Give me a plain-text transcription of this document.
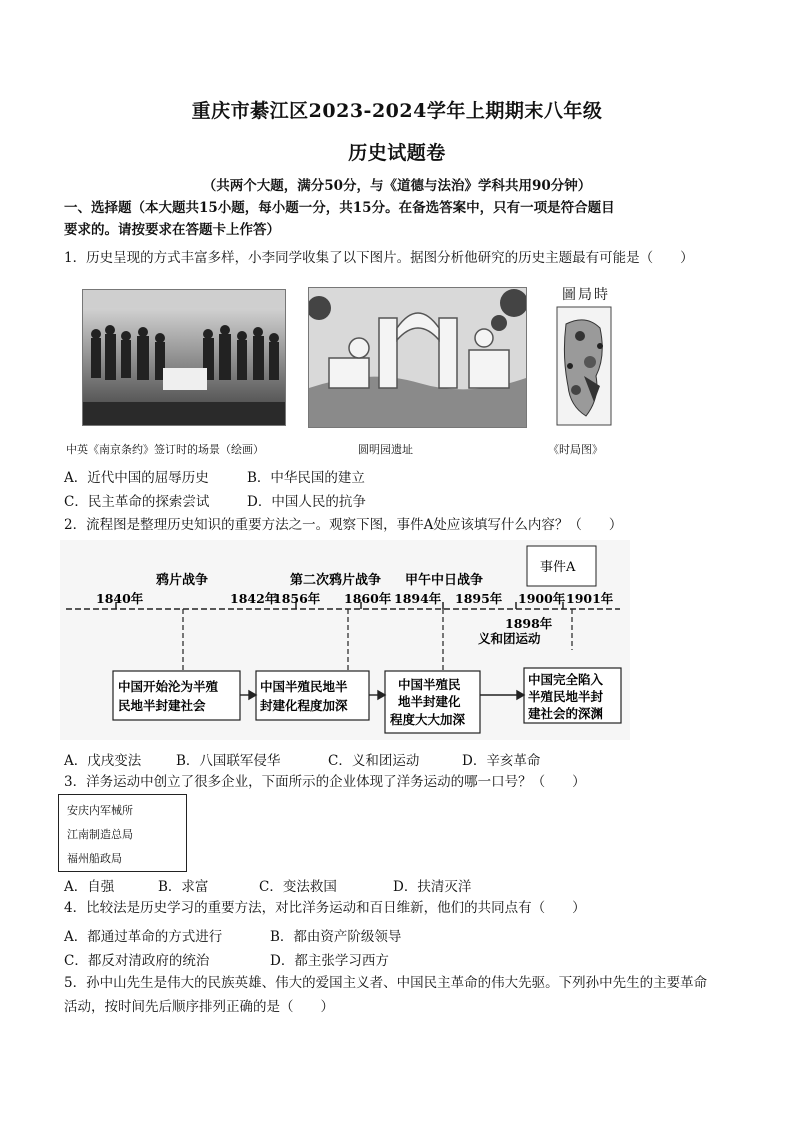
重庆市綦江区2023-2024学年上期期末八年级
历史试题卷
（共两个大题，满分50分，与《道德与法治》学科共用90分钟）
一、选择题（本大题共15小题，每小题一分，共15分。在备选答案中，只有一项是符合题目
要求的。请按要求在答题卡上作答）
1．历史呈现的方式丰富多样，小李同学收集了以下图片。据图分析他研究的历史主题最有可能是（　　）
圖局時
中英《南京条约》签订时的场景（绘画）	圆明园遗址	《时局图》
A．近代中国的屈辱历史	B．中华民国的建立
C．民主革命的探索尝试	D．中国人民的抗争
2．流程图是整理历史知识的重要方法之一。观察下图，事件A处应该填写什么内容？（　　）
1840年	1842年
1856年 1860年 1894年 1895年 1900年 1901年
鸦片战争	第二次鸦片战争 甲午中日战争
事件A
1898年
义和团运动
中国开始沦为半殖
民地半封建社会
中国半殖民地半
封建化程度加深
中国半殖民
地半封建化
程度大大加深
中国完全陷入
半殖民地半封
建社会的深渊
A．戊戌变法	B．八国联军侵华	C．义和团运动	D．辛亥革命
3．洋务运动中创立了很多企业，下面所示的企业体现了洋务运动的哪一口号？（　　）
安庆内军械所
江南制造总局
福州船政局
A．自强	B．求富	C．变法救国	D．扶清灭洋
4．比较法是历史学习的重要方法，对比洋务运动和百日维新，他们的共同点有（　　）
A．都通过革命的方式进行	B．都由资产阶级领导
C．都反对清政府的统治	D．都主张学习西方
5．孙中山先生是伟大的民族英雄、伟大的爱国主义者、中国民主革命的伟大先驱。下列孙中先生的主要革命
活动，按时间先后顺序排列正确的是（　　）
